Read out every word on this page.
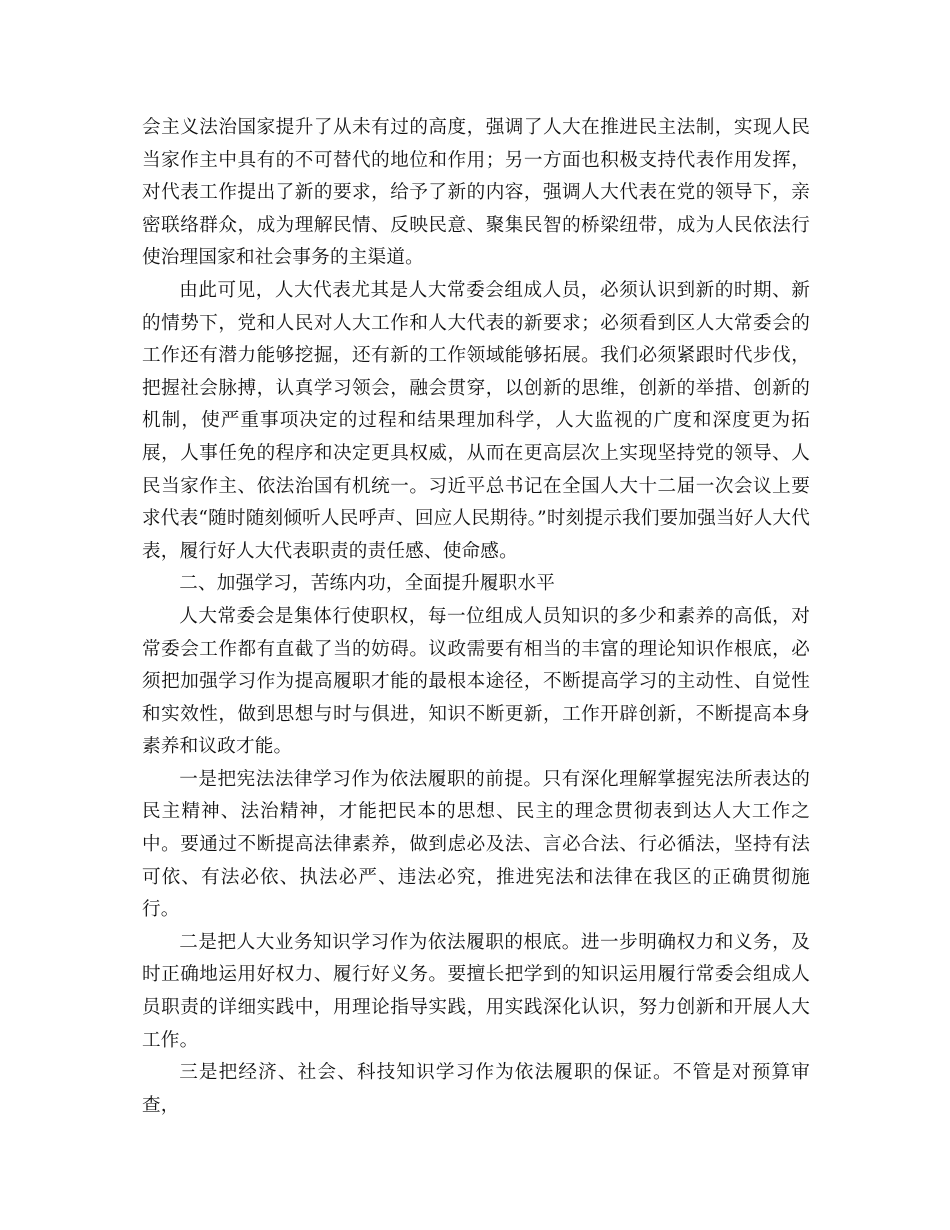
会主义法治国家提升了从未有过的高度，强调了人大在推进民主法制，实现人民当家作主中具有的不可替代的地位和作用；另一方面也积极支持代表作用发挥，对代表工作提出了新的要求，给予了新的内容，强调人大代表在党的领导下，亲密联络群众，成为理解民情、反映民意、聚集民智的桥梁纽带，成为人民依法行使治理国家和社会事务的主渠道。

由此可见，人大代表尤其是人大常委会组成人员，必须认识到新的时期、新的情势下，党和人民对人大工作和人大代表的新要求；必须看到区人大常委会的工作还有潜力能够挖掘，还有新的工作领域能够拓展。我们必须紧跟时代步伐，把握社会脉搏，认真学习领会，融会贯穿，以创新的思维，创新的举措、创新的机制，使严重事项决定的过程和结果理加科学，人大监视的广度和深度更为拓展，人事任免的程序和决定更具权威，从而在更高层次上实现坚持党的领导、人民当家作主、依法治国有机统一。习近平总书记在全国人大十二届一次会议上要求代表“随时随刻倾听人民呼声、回应人民期待。”时刻提示我们要加强当好人大代表，履行好人大代表职责的责任感、使命感。

二、加强学习，苦练内功，全面提升履职水平

人大常委会是集体行使职权，每一位组成人员知识的多少和素养的高低，对常委会工作都有直截了当的妨碍。议政需要有相当的丰富的理论知识作根底，必须把加强学习作为提高履职才能的最根本途径，不断提高学习的主动性、自觉性和实效性，做到思想与时与俱进，知识不断更新，工作开辟创新，不断提高本身素养和议政才能。

一是把宪法法律学习作为依法履职的前提。只有深化理解掌握宪法所表达的民主精神、法治精神，才能把民本的思想、民主的理念贯彻表到达人大工作之中。要通过不断提高法律素养，做到虑必及法、言必合法、行必循法，坚持有法可依、有法必依、执法必严、违法必究，推进宪法和法律在我区的正确贯彻施行。

二是把人大业务知识学习作为依法履职的根底。进一步明确权力和义务，及时正确地运用好权力、履行好义务。要擅长把学到的知识运用履行常委会组成人员职责的详细实践中，用理论指导实践，用实践深化认识，努力创新和开展人大工作。

三是把经济、社会、科技知识学习作为依法履职的保证。不管是对预算审查，
